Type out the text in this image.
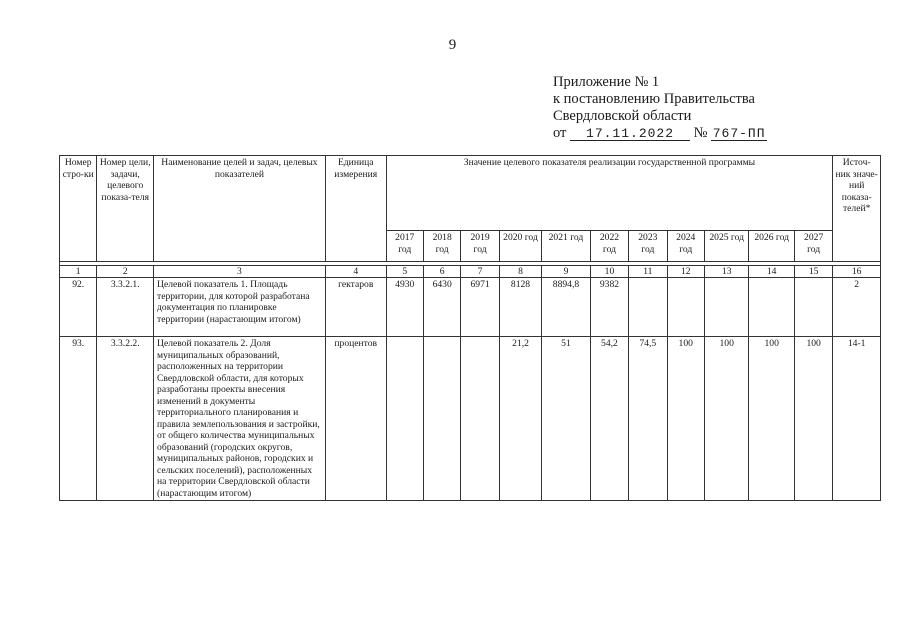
9
Приложение № 1
к постановлению Правительства
Свердловской области
от 17.11.2022 № 767-ПП
Номер стро-ки	Номер цели, задачи, целевого показа-теля	Наименование целей и задач, целевых показателей	Единица измерения	Значение целевого показателя реализации государственной программы											Источ-ник значе-ний показа-телей*
				2017 год	2018 год	2019 год	2020 год	2021 год	2022 год	2023 год	2024 год	2025 год	2026 год	2027 год	

1	2	3	4	5	6	7	8	9	10	11	12	13	14	15	16
92.	3.3.2.1.	Целевой показатель 1. Площадь территории, для которой разработана документация по планировке территории (нарастающим итогом)	гектаров	4930	6430	6971	8128	8894,8	9382						2
93.	3.3.2.2.	Целевой показатель 2. Доля муниципальных образований, расположенных на территории Свердловской области, для которых разработаны проекты внесения изменений в документы территориального планирования и правила землепользования и застройки, от общего количества муниципальных образований (городских округов, муниципальных районов, городских и сельских поселений), расположенных на территории Свердловской области (нарастающим итогом)	процентов				21,2	51	54,2	74,5	100	100	100	100	14-1
